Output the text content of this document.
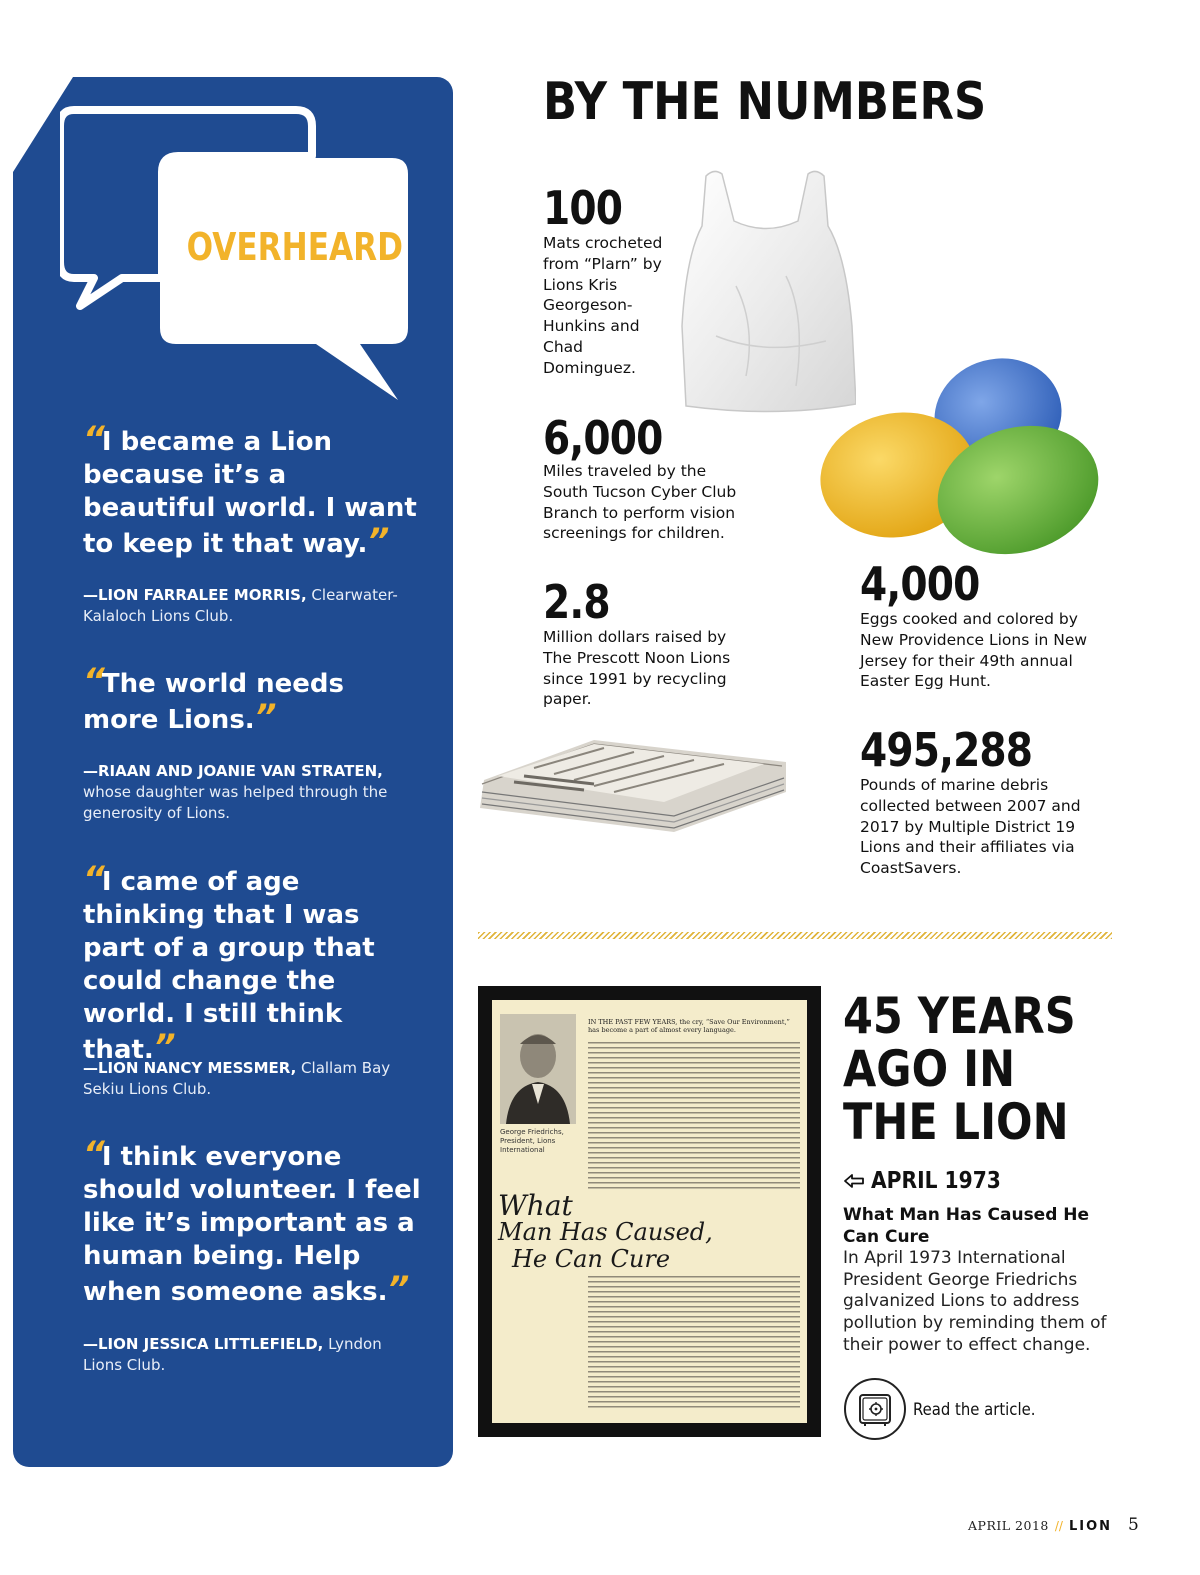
OVERHEARD
“I became a Lion because it’s a beautiful world. I want to keep it that way.”
—LION FARRALEE MORRIS, Clearwater-Kalaloch Lions Club.
“The world needs more Lions.”
—RIAAN AND JOANIE VAN STRATEN, whose daughter was helped through the generosity of Lions.
“I came of age thinking that I was part of a group that could change the world. I still think that.”
—LION NANCY MESSMER, Clallam Bay Sekiu Lions Club.
“I think everyone should volunteer. I feel like it’s important as a human being. Help when someone asks.”
—LION JESSICA LITTLEFIELD, Lyndon Lions Club.
BY THE NUMBERS
100
Mats crocheted from “Plarn” by Lions Kris Georgeson-Hunkins and Chad Dominguez.
6,000
Miles traveled by the South Tucson Cyber Club Branch to perform vision screenings for children.
2.8
Million dollars raised by The Prescott Noon Lions since 1991 by recycling paper.
4,000
Eggs cooked and colored by New Providence Lions in New Jersey for their 49th annual Easter Egg Hunt.
495,288
Pounds of marine debris collected between 2007 and 2017 by Multiple District 19 Lions and their affiliates via CoastSavers.
George Friedrichs, President, Lions International
IN THE PAST FEW YEARS, the cry, “Save Our Environment,” has become a part of almost every language.
What
Man Has Caused,
He Can Cure
45 YEARS
AGO IN
THE LION
APRIL 1973
What Man Has Caused He Can Cure
In April 1973 International President George Friedrichs galvanized Lions to address pollution by reminding them of their power to effect change.
Read the article.
APRIL 2018 // LION 5
